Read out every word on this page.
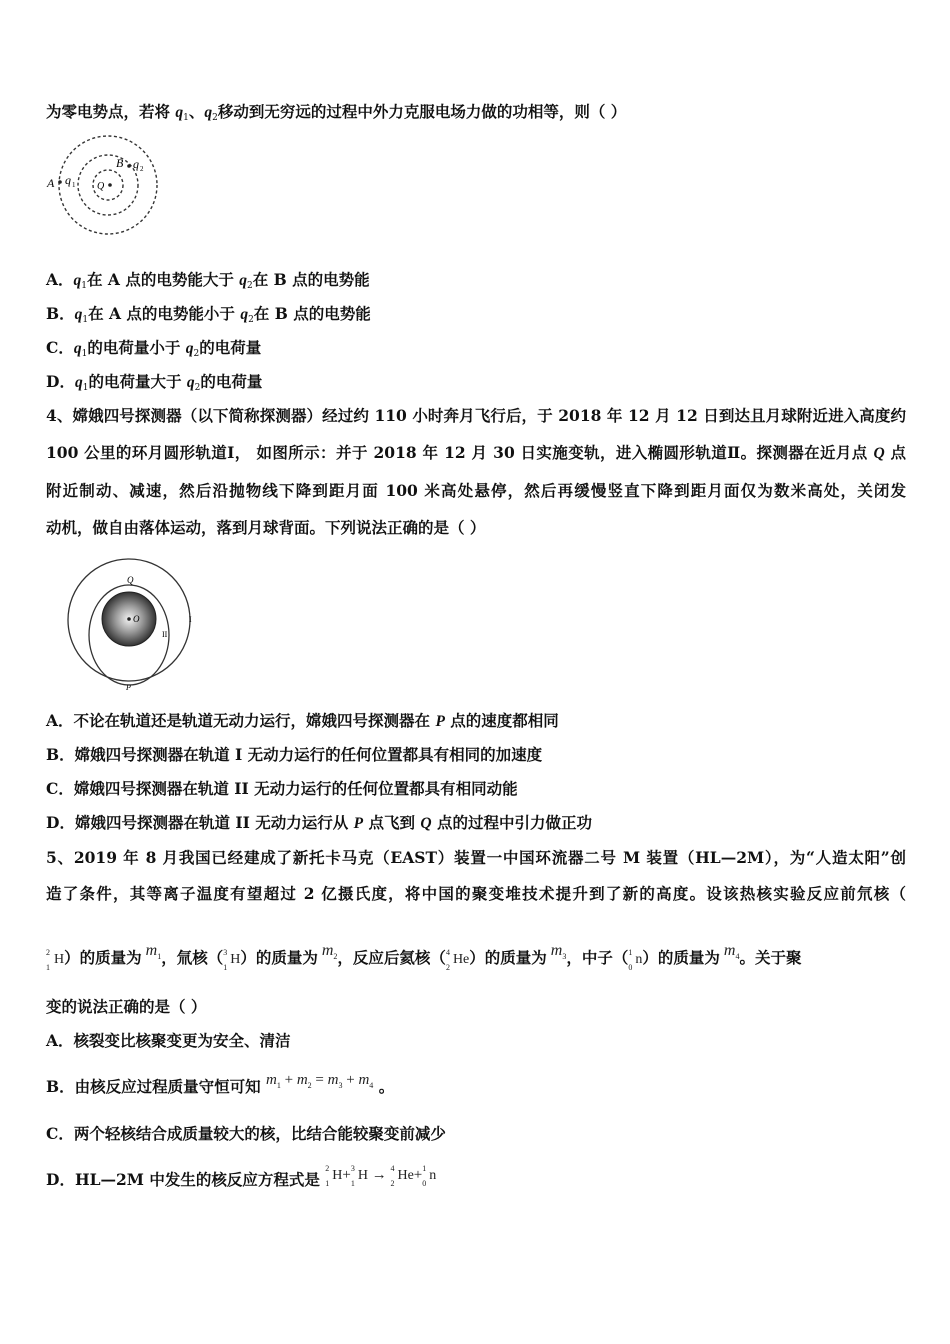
为零电势点，若将 $q_1$、$q_2$移动到无穷远的过程中外力克服电场力做的功相等，则（ ）
A q 1 Q
B q 2
A．$q_1$在 A 点的电势能大于 $q_2$在 B 点的电势能
B．$q_1$在 A 点的电势能小于 $q_2$在 B 点的电势能
C．$q_1$的电荷量小于 $q_2$的电荷量
D．$q_1$的电荷量大于 $q_2$的电荷量
4、嫦娥四号探测器（以下简称探测器）经过约 110 小时奔月飞行后，于 2018 年 12 月 12 日到达且月球附近进入高度约
100 公里的环月圆形轨道Ⅰ， 如图所示：并于 2018 年 12 月 30 日实施变轨，进入椭圆形轨道Ⅱ。探测器在近月点 Q 点
附近制动、减速，然后沿抛物线下降到距月面 100 米高处悬停，然后再缓慢竖直下降到距月面仅为数米高处，关闭发
动机，做自由落体运动，落到月球背面。下列说法正确的是（ ）
Q
O
P
I
II
A．不论在轨道还是轨道无动力运行，嫦娥四号探测器在 P 点的速度都相同
B．嫦娥四号探测器在轨道 I 无动力运行的任何位置都具有相同的加速度
C．嫦娥四号探测器在轨道 II 无动力运行的任何位置都具有相同动能
D．嫦娥四号探测器在轨道 II 无动力运行从 P 点飞到 Q 点的过程中引力做正功
5、2019 年 8 月我国已经建成了新托卡马克（EAST）装置一中国环流器二号 M 装置（HL—2M），为“人造太阳”创
造了条件，其等离子温度有望超过 2 亿摄氏度，将中国的聚变堆技术提升到了新的高度。设该热核实验反应前氘核（
2
1
H）的质量为 $m_1$，氚核（ 3
1
H）的质量为 $m_2$，反应后氦核（ 4
2
He）的质量为 $m_3$，中子（ 1
0
n）的质量为 $m_4$。关于聚
变的说法正确的是（ ）
A．核裂变比核聚变更为安全、清洁
B．由核反应过程质量守恒可知 $m_1 + m_2 = m_3 + m_4$ 。
C．两个轻核结合成质量较大的核，比结合能较聚变前减少
D．HL—2M 中发生的核反应方程式是
2
1
H+ 3
1
H → 4
2
He+ 1
0
n
